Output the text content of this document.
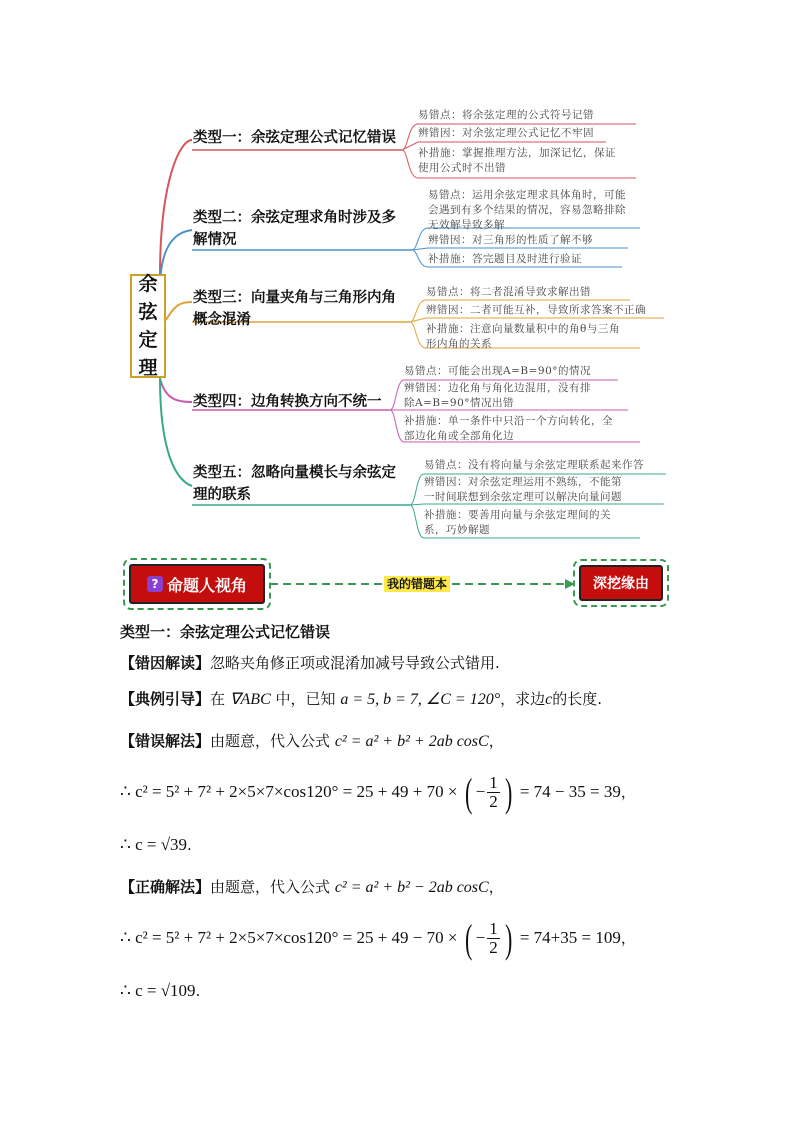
余
弦
定
理
类型一：余弦定理公式记忆错误
易错点：将余弦定理的公式符号记错
辨错因：对余弦定理公式记忆不牢固
补措施：掌握推理方法，加深记忆，保证
使用公式时不出错
类型二：余弦定理求角时涉及多
解情况
易错点：运用余弦定理求具体角时，可能
会遇到有多个结果的情况，容易忽略排除
无效解导致多解
辨错因：对三角形的性质了解不够
补措施：答完题目及时进行验证
类型三：向量夹角与三角形内角
概念混淆
易错点：将二者混淆导致求解出错
辨错因：二者可能互补，导致所求答案不正确
补措施：注意向量数量积中的角θ与三角
形内角的关系
类型四：边角转换方向不统一
易错点：可能会出现A=B=90°的情况
辨错因：边化角与角化边混用，没有排
除A=B=90°情况出错
补措施：单一条件中只沿一个方向转化，全
部边化角或全部角化边
类型五：忽略向量模长与余弦定
理的联系
易错点：没有将向量与余弦定理联系起来作答
辨错因：对余弦定理运用不熟练，不能第
一时间联想到余弦定理可以解决向量问题
补措施：要善用向量与余弦定理间的关
系，巧妙解题
? 命题人视角	我的错题本	深挖缘由
类型一：余弦定理公式记忆错误
【错因解读】忽略夹角修正项或混淆加减号导致公式错用.
【典例引导】在 ∇ABC 中，已知 a = 5, b = 7, ∠C = 120°，求边c的长度.
【错误解法】由题意，代入公式 c² = a² + b² + 2ab cosC，
∴ c² = 5² + 7² + 2×5×7×cos120° = 25 + 49 + 70 × ( − $\frac{1}{2}$ ) = 74 − 35 = 39，
∴ c = √39.
【正确解法】由题意，代入公式 c² = a² + b² − 2ab cosC，
∴ c² = 5² + 7² + 2×5×7×cos120° = 25 + 49 − 70 × ( − $\frac{1}{2}$ ) = 74+35 = 109，
∴ c = √109.
